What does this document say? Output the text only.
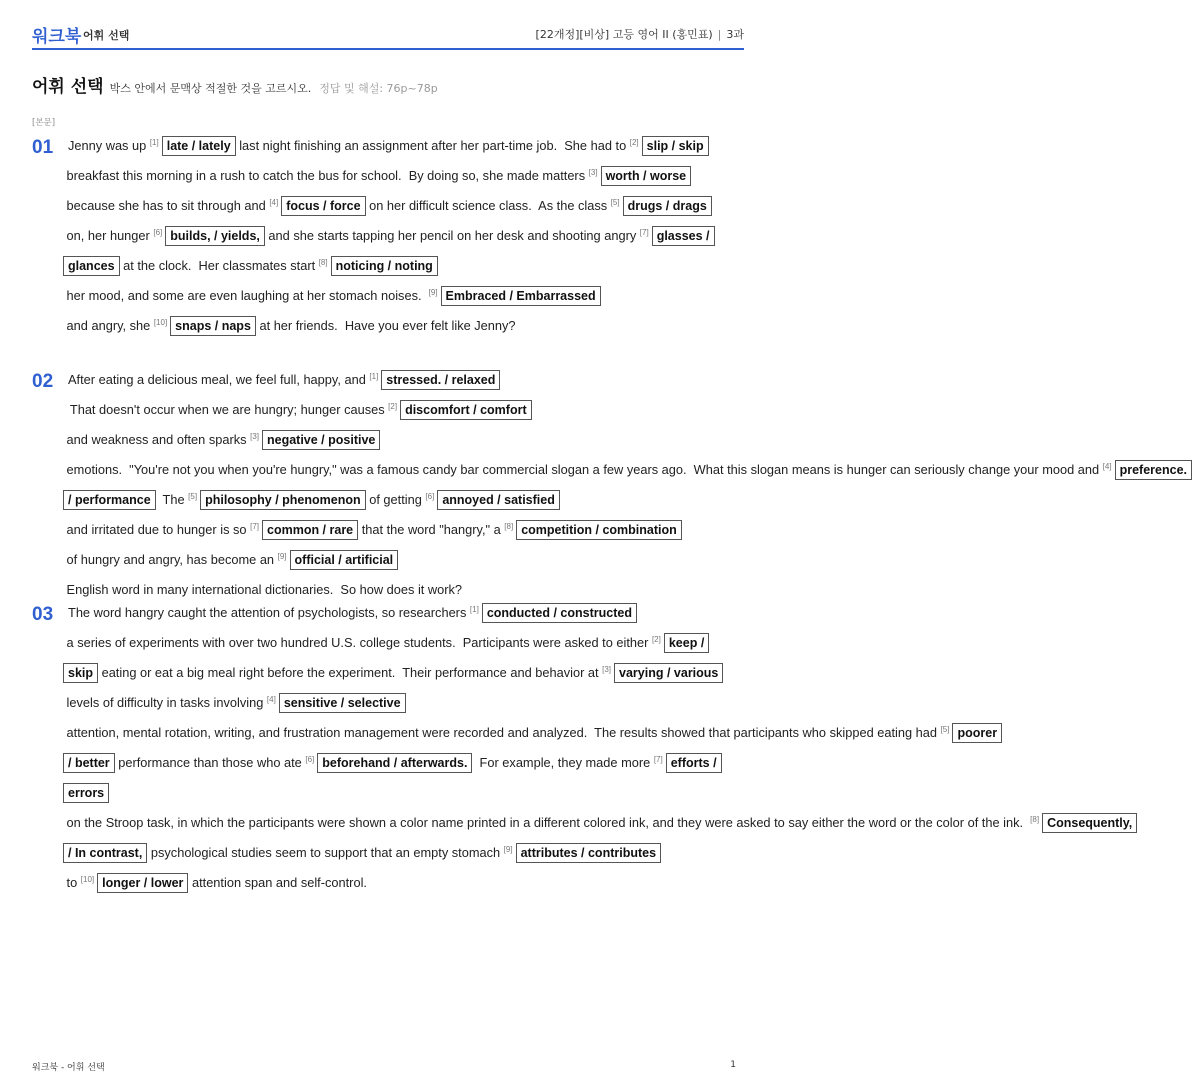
워크북 어휘 선택	[22개정][비상] 고등 영어 II (홍민표) | 3과
어휘 선택 박스 안에서 문맥상 적절한 것을 고르시오. 정답 및 해설: 76p~78p
[본문]
01	Jenny was up [1] late / lately last night finishing an assignment after her part-time job.  She had to [2] slip / skip breakfast this morning in a rush to catch the bus for school.  By doing so, she made matters [3] worth / worse because she has to sit through and [4] focus / force on her difficult science class.  As the class [5] drugs / drags on, her hunger [6] builds, / yields, and she starts tapping her pencil on her desk and shooting angry [7] glasses / glances at the clock.  Her classmates start [8] noticing / noting her mood, and some are even laughing at her stomach noises.  [9] Embraced / Embarrassed and angry, she [10] snaps / naps at her friends.  Have you ever felt like Jenny?
02	After eating a delicious meal, we feel full, happy, and [1] stressed. / relaxed  That doesn't occur when we are hungry; hunger causes [2] discomfort / comfort and weakness and often sparks [3] negative / positive emotions.  "You're not you when you're hungry," was a famous candy bar commercial slogan a few years ago.  What this slogan means is hunger can seriously change your mood and [4] preference. / performance  The [5] philosophy / phenomenon of getting [6] annoyed / satisfied and irritated due to hunger is so [7] common / rare that the word "hangry," a [8] competition / combination of hungry and angry, has become an [9] official / artificial English word in many international dictionaries.  So how does it work?
03	The word hangry caught the attention of psychologists, so researchers [1] conducted / constructed a series of experiments with over two hundred U.S. college students.  Participants were asked to either [2] keep / skip eating or eat a big meal right before the experiment.  Their performance and behavior at [3] varying / various levels of difficulty in tasks involving [4] sensitive / selective attention, mental rotation, writing, and frustration management were recorded and analyzed.  The results showed that participants who skipped eating had [5] poorer / better performance than those who ate [6] beforehand / afterwards.  For example, they made more [7] efforts / errors on the Stroop task, in which the participants were shown a color name printed in a different colored ink, and they were asked to say either the word or the color of the ink.  [8] Consequently, / In contrast, psychological studies seem to support that an empty stomach [9] attributes / contributes to [10] longer / lower attention span and self-control.
워크북 - 어휘 선택	1
